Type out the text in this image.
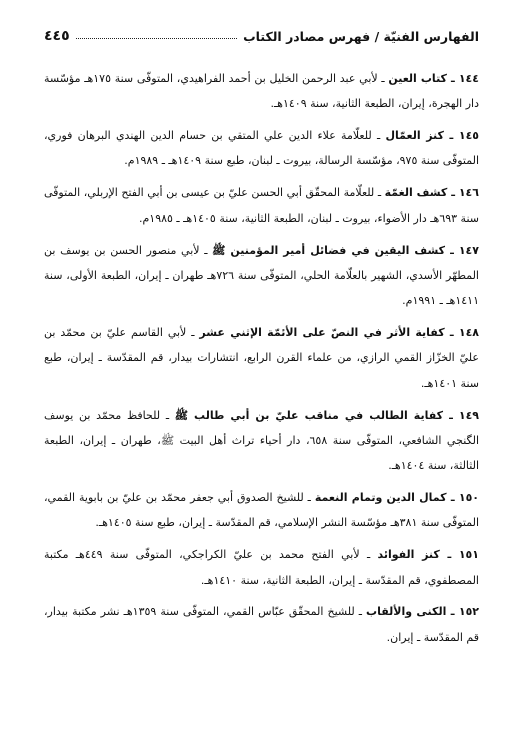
الفهارس الفنيّة / فهرس مصادر الكتاب
٤٤٥

١٤٤ ـ كتاب العين ـ لأبي عبد الرحمن الخليل بن أحمد الفراهيدي، المتوفّى سنة ١٧٥هـ مؤسّسة دار الهجرة، إيران، الطبعة الثانية، سنة ١٤٠٩هـ.

١٤٥ ـ كنز العمّال ـ للعلّامة علاء الدين علي المتقي بن حسام الدين الهندي البرهان فوري، المتوفّى سنة ٩٧٥، مؤسّسة الرسالة، بيروت ـ لبنان، طبع سنة ١٤٠٩هـ ـ ١٩٨٩م.

١٤٦ ـ كشف الغمّة ـ للعلّامة المحقّق أبي الحسن عليّ بن عيسى بن أبي الفتح الإربلي، المتوفّى سنة ٦٩٣هـ دار الأضواء، بيروت ـ لبنان، الطبعة الثانية، سنة ١٤٠٥هـ ـ ١٩٨٥م.

١٤٧ ـ كشف اليقين في فضائل أمير المؤمنين ﷺ ـ لأبي منصور الحسن بن يوسف بن المطهّر الأسدي، الشهير بالعلّامة الحلي، المتوفّى سنة ٧٢٦هـ طهران ـ إيران، الطبعة الأولى، سنة ١٤١١هـ ـ ١٩٩١م.

١٤٨ ـ كفاية الأثر في النصّ على الأئمّة الإثني عشر ـ لأبي القاسم عليّ بن محمّد بن عليّ الخزّاز القمي الرازي، من علماء القرن الرابع، انتشارات بيدار، قم المقدّسة ـ إيران، طبع سنة ١٤٠١هـ.

١٤٩ ـ كفاية الطالب في مناقب عليّ بن أبي طالب ﷺ ـ للحافظ محمّد بن يوسف الگنجي الشافعي، المتوفّى سنة ٦٥٨، دار أحياء تراث أهل البيت ﷺ، طهران ـ إيران، الطبعة الثالثة، سنة ١٤٠٤هـ.

١٥٠ ـ كمال الدين وتمام النعمة ـ للشيخ الصدوق أبي جعفر محمّد بن عليّ بن بابوية القمي، المتوفّى سنة ٣٨١هـ مؤسّسة النشر الإسلامي، قم المقدّسة ـ إيران، طبع سنة ١٤٠٥هـ.

١٥١ ـ كنز الفوائد ـ لأبي الفتح محمد بن عليّ الكراجكي، المتوفّى سنة ٤٤٩هـ مكتبة المصطفوي، قم المقدّسة ـ إيران، الطبعة الثانية، سنة ١٤١٠هـ.

١٥٢ ـ الكنى والألقاب ـ للشيخ المحقّق عبّاس القمي، المتوفّى سنة ١٣٥٩هـ نشر مكتبة بيدار، قم المقدّسة ـ إيران.
